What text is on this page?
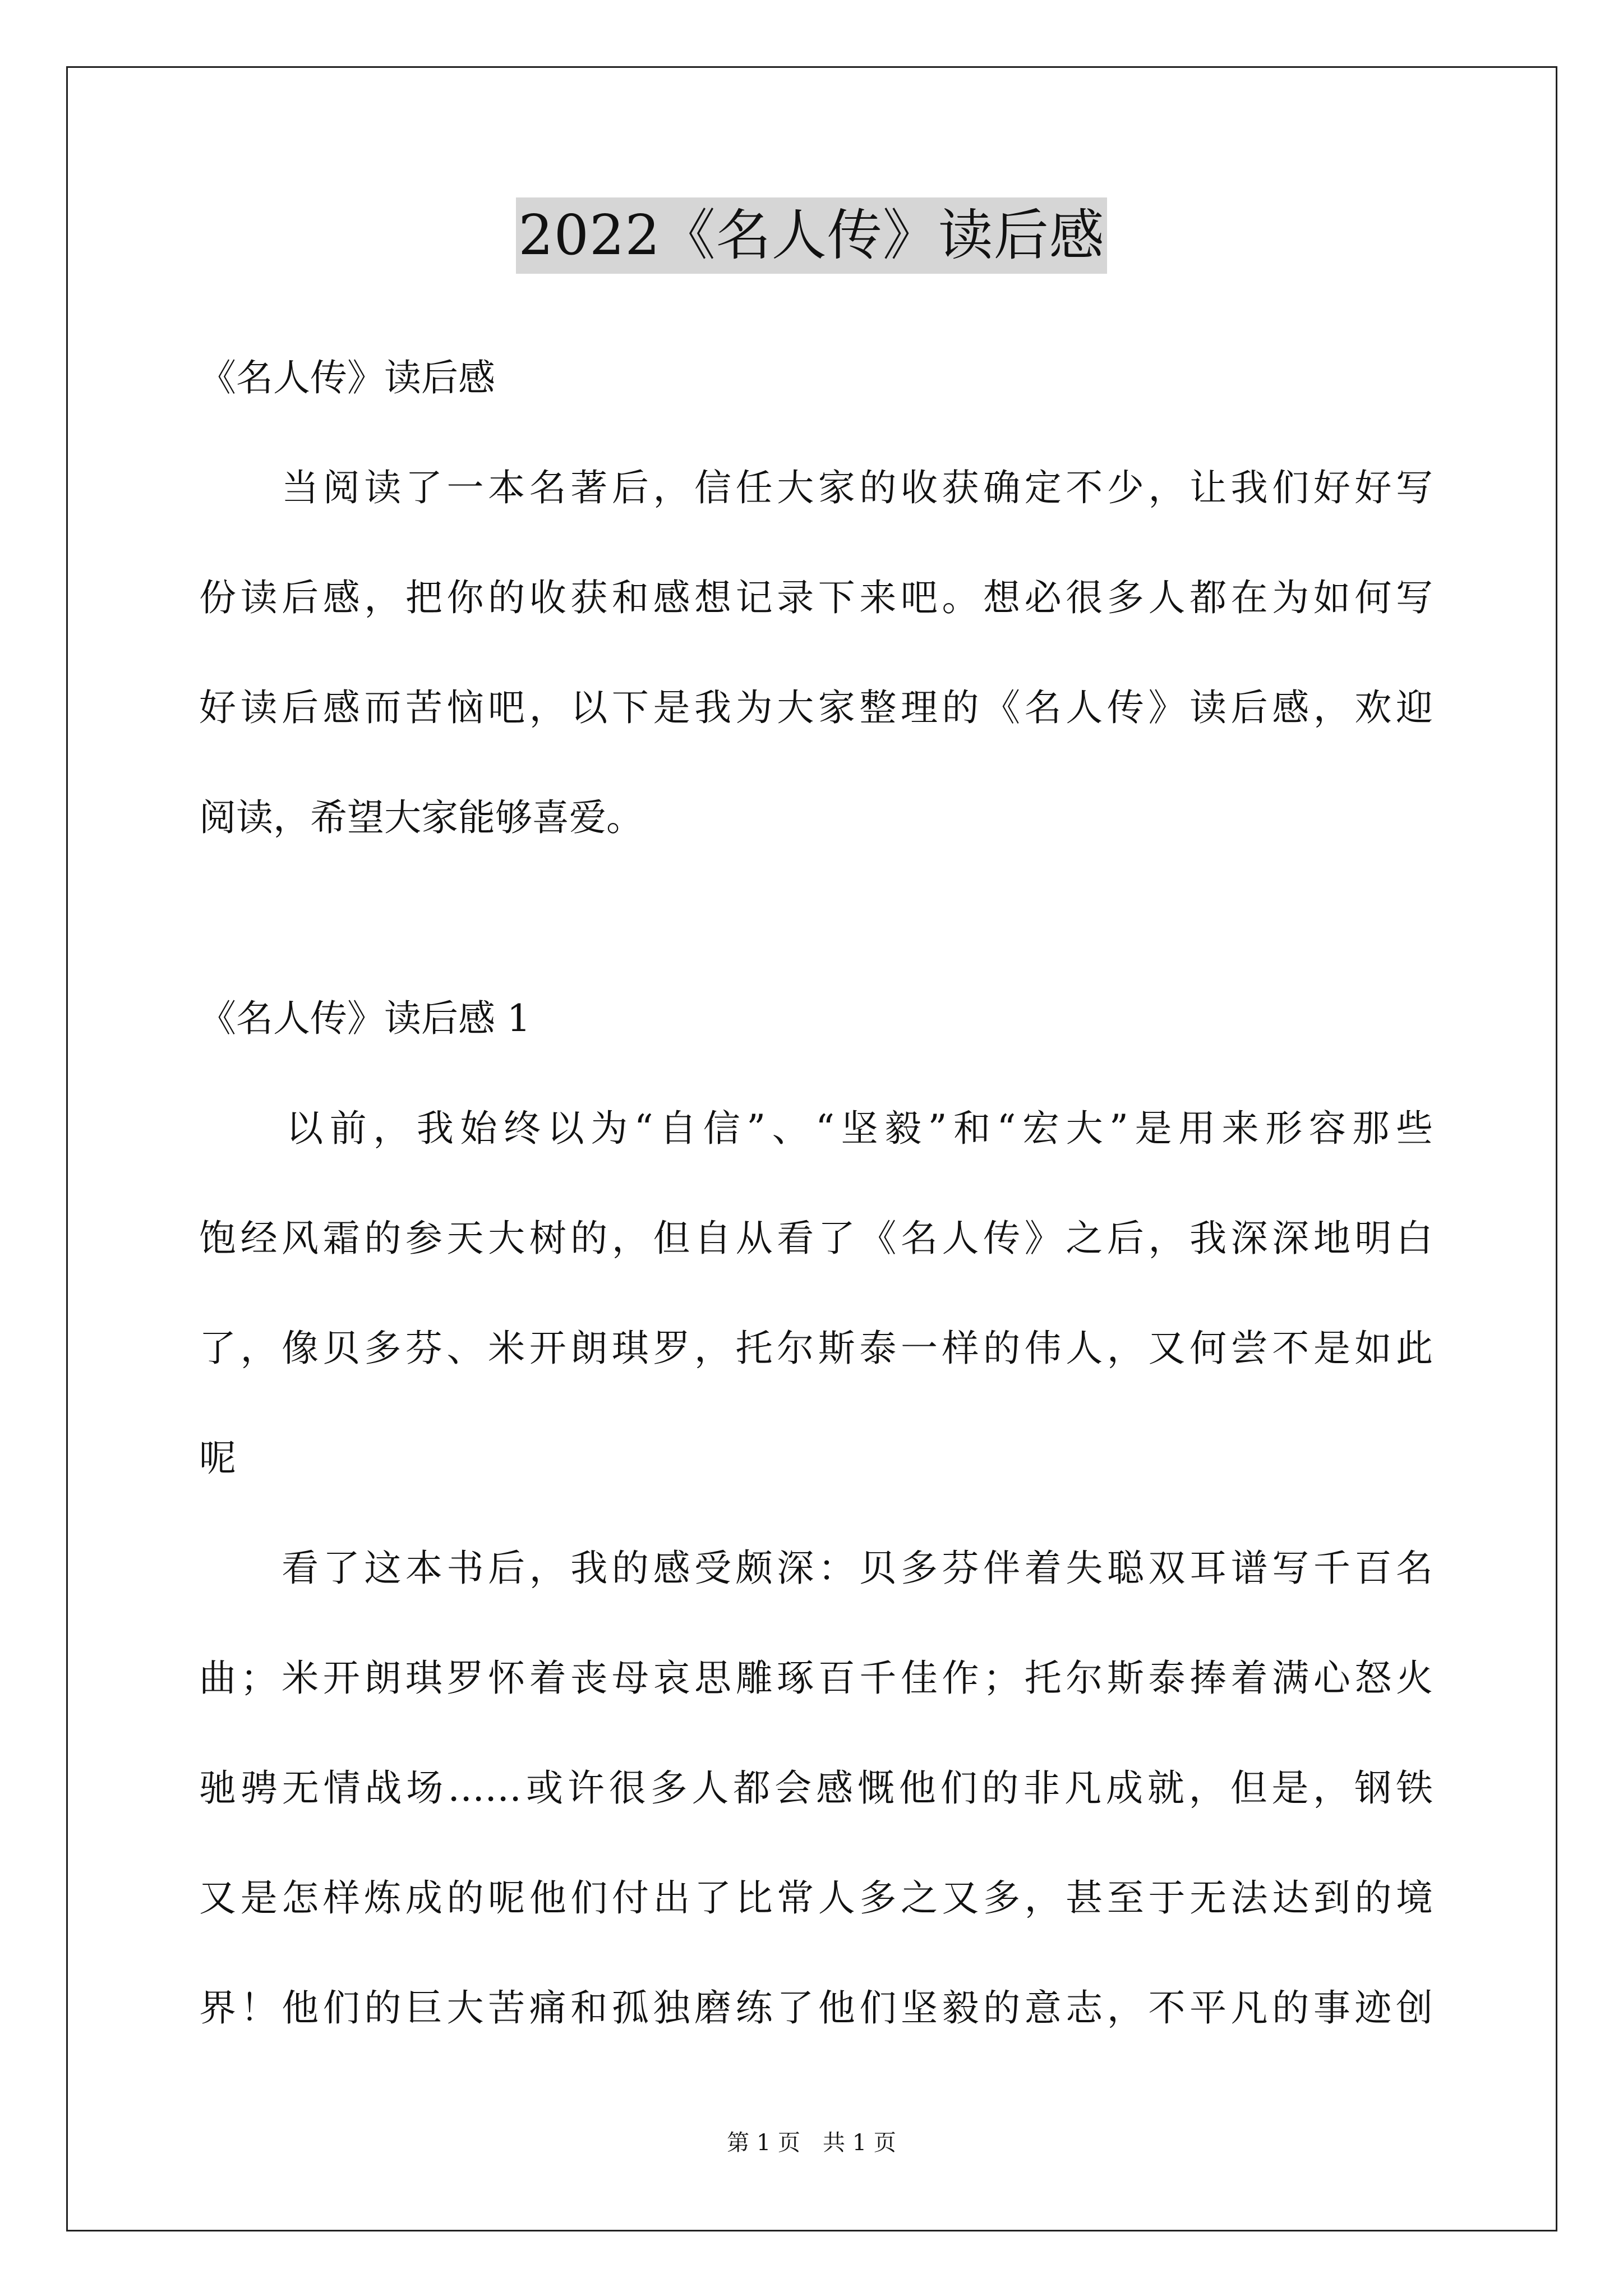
2022《名人传》读后感
《名人传》读后感
　　当阅读了一本名著后，信任大家的收获确定不少，让我们好好写
份读后感，把你的收获和感想记录下来吧。想必很多人都在为如何写
好读后感而苦恼吧，以下是我为大家整理的《名人传》读后感，欢迎
阅读，希望大家能够喜爱。
《名人传》读后感 1
　　以前，我始终以为“自信”、“坚毅”和“宏大”是用来形容那些
饱经风霜的参天大树的，但自从看了《名人传》之后，我深深地明白
了，像贝多芬、米开朗琪罗，托尔斯泰一样的伟人，又何尝不是如此
呢
　　看了这本书后，我的感受颇深：贝多芬伴着失聪双耳谱写千百名
曲；米开朗琪罗怀着丧母哀思雕琢百千佳作；托尔斯泰捧着满心怒火
驰骋无情战场……或许很多人都会感慨他们的非凡成就，但是，钢铁
又是怎样炼成的呢他们付出了比常人多之又多，甚至于无法达到的境
界！他们的巨大苦痛和孤独磨练了他们坚毅的意志，不平凡的事迹创
第 1 页　共 1 页
